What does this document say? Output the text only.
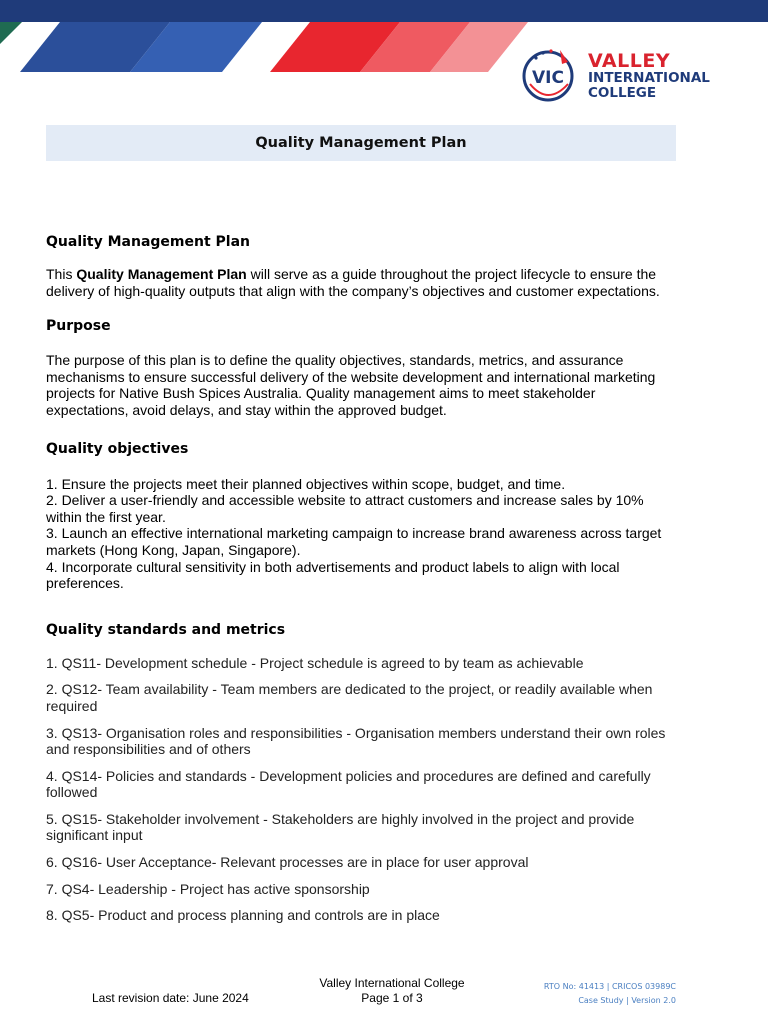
VIC
VALLEY
INTERNATIONAL
COLLEGE
Quality Management Plan
Quality Management Plan

This Quality Management Plan will serve as a guide throughout the project lifecycle to ensure the delivery of high-quality outputs that align with the company’s objectives and customer expectations.

Purpose

The purpose of this plan is to define the quality objectives, standards, metrics, and assurance mechanisms to ensure successful delivery of the website development and international marketing projects for Native Bush Spices Australia. Quality management aims to meet stakeholder expectations, avoid delays, and stay within the approved budget.

Quality objectives
1. Ensure the projects meet their planned objectives within scope, budget, and time.
2. Deliver a user-friendly and accessible website to attract customers and increase sales by 10% within the first year.
3. Launch an effective international marketing campaign to increase brand awareness across target markets (Hong Kong, Japan, Singapore).
4. Incorporate cultural sensitivity in both advertisements and product labels to align with local preferences.
Quality standards and metrics
1. QS11- Development schedule - Project schedule is agreed to by team as achievable
2. QS12- Team availability - Team members are dedicated to the project, or readily available when required
3. QS13- Organisation roles and responsibilities - Organisation members understand their own roles and responsibilities and of others
4. QS14- Policies and standards - Development policies and procedures are defined and carefully followed
5. QS15- Stakeholder involvement - Stakeholders are highly involved in the project and provide significant input
6. QS16- User Acceptance- Relevant processes are in place for user approval
7. QS4- Leadership - Project has active sponsorship
8. QS5- Product and process planning and controls are in place
Last revision date: June 2024
Valley International College
Page 1 of 3
RTO No: 41413 | CRICOS 03989C
Case Study | Version 2.0
